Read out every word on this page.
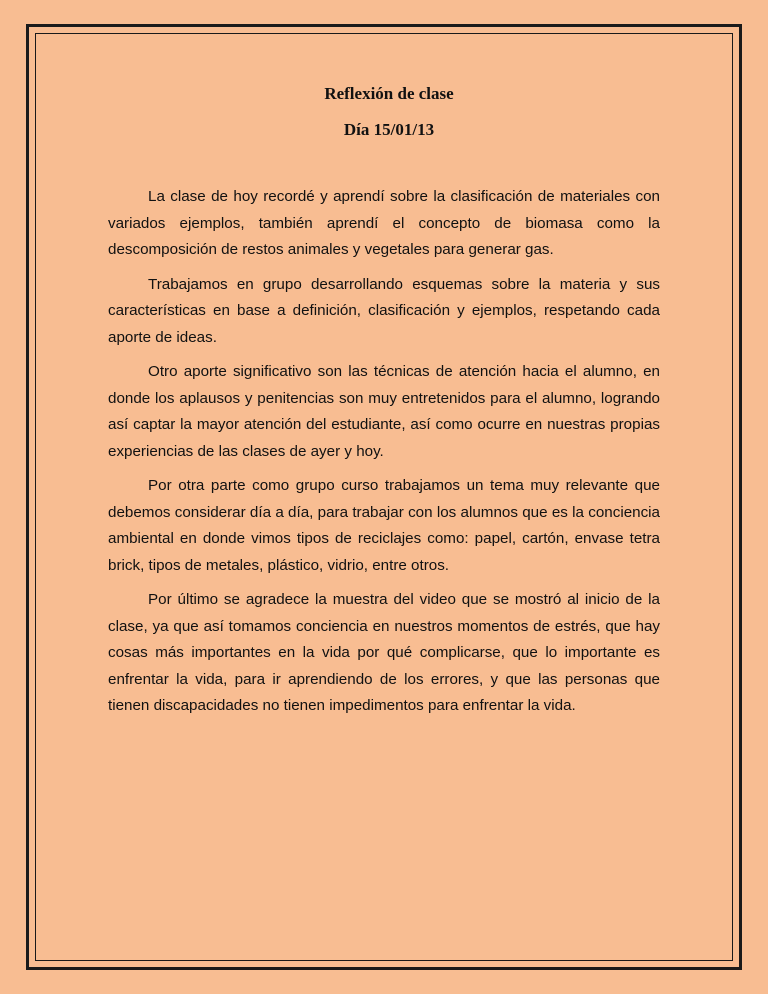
Reflexión de clase
Día 15/01/13

La clase de hoy recordé y aprendí sobre la clasificación de materiales con variados ejemplos, también aprendí el concepto de biomasa como la descomposición de restos animales y vegetales para generar gas.

Trabajamos en grupo desarrollando esquemas sobre la materia y sus características en base a definición, clasificación y ejemplos, respetando cada aporte de ideas.

Otro aporte significativo son las técnicas de atención hacia el alumno, en donde los aplausos y penitencias son muy entretenidos para el alumno, logrando así captar la mayor atención del estudiante, así como ocurre en nuestras propias experiencias de las clases de ayer y hoy.

Por otra parte como grupo curso trabajamos un tema muy relevante que debemos considerar día a día, para trabajar con los alumnos que es la conciencia ambiental en donde vimos tipos de reciclajes como: papel, cartón, envase tetra brick, tipos de metales, plástico, vidrio, entre otros.

Por último se agradece la muestra del video que se mostró al inicio de la clase, ya que así tomamos conciencia en nuestros momentos de estrés, que hay cosas más importantes en la vida por qué complicarse, que lo importante es enfrentar la vida, para ir aprendiendo de los errores, y que las personas que tienen discapacidades no tienen impedimentos para enfrentar la vida.
